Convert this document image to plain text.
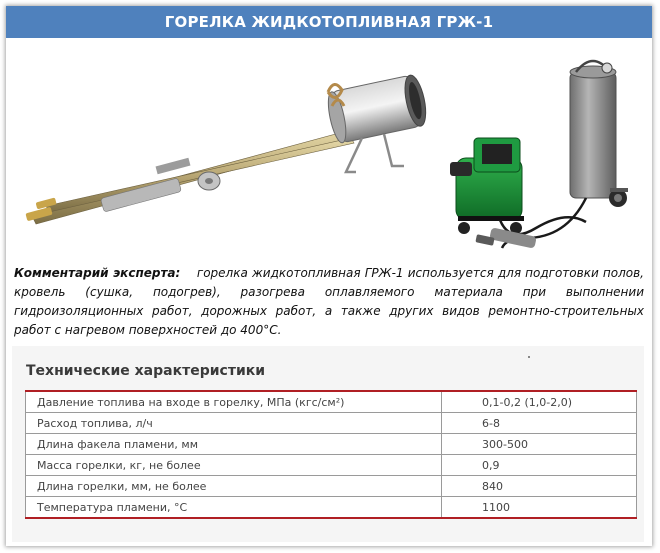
ГОРЕЛКА ЖИДКОТОПЛИВНАЯ ГРЖ-1
Комментарий эксперта: горелка жидкотопливная ГРЖ-1 используется для подготовки полов, кровель (сушка, подогрев), разогрева оплавляемого материала при выполнении гидроизоляционных работ, дорожных работ, а также других видов ремонтно-строительных работ с нагревом поверхностей до 400°С.
Технические характеристики
Давление топлива на входе в горелку, МПа (кгс/см²)	0,1-0,2 (1,0-2,0)
Расход топлива, л/ч	6-8
Длина факела пламени, мм	300-500
Масса горелки, кг, не более	0,9
Длина горелки, мм, не более	840
Температура пламени, °С	1100
